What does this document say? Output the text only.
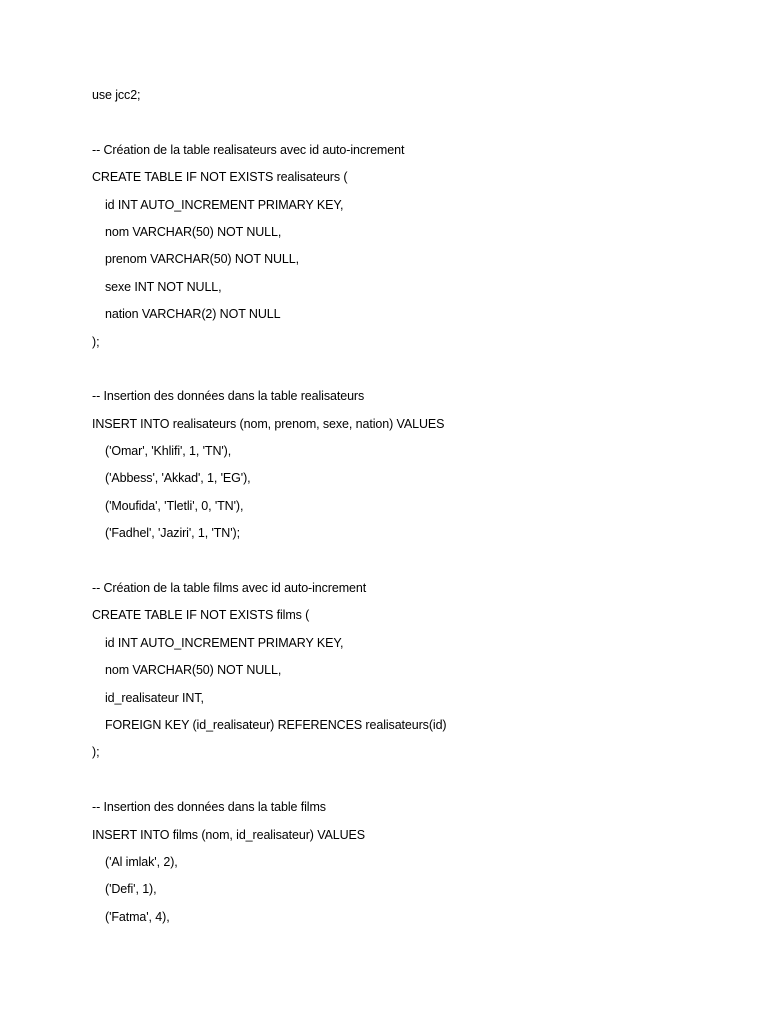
use jcc2;
-- Création de la table realisateurs avec id auto-increment
CREATE TABLE IF NOT EXISTS realisateurs (
id INT AUTO_INCREMENT PRIMARY KEY,
nom VARCHAR(50) NOT NULL,
prenom VARCHAR(50) NOT NULL,
sexe INT NOT NULL,
nation VARCHAR(2) NOT NULL
);
-- Insertion des données dans la table realisateurs
INSERT INTO realisateurs (nom, prenom, sexe, nation) VALUES
('Omar', 'Khlifi', 1, 'TN'),
('Abbess', 'Akkad', 1, 'EG'),
('Moufida', 'Tletli', 0, 'TN'),
('Fadhel', 'Jaziri', 1, 'TN');
-- Création de la table films avec id auto-increment
CREATE TABLE IF NOT EXISTS films (
id INT AUTO_INCREMENT PRIMARY KEY,
nom VARCHAR(50) NOT NULL,
id_realisateur INT,
FOREIGN KEY (id_realisateur) REFERENCES realisateurs(id)
);
-- Insertion des données dans la table films
INSERT INTO films (nom, id_realisateur) VALUES
('Al imlak', 2),
('Defi', 1),
('Fatma', 4),
